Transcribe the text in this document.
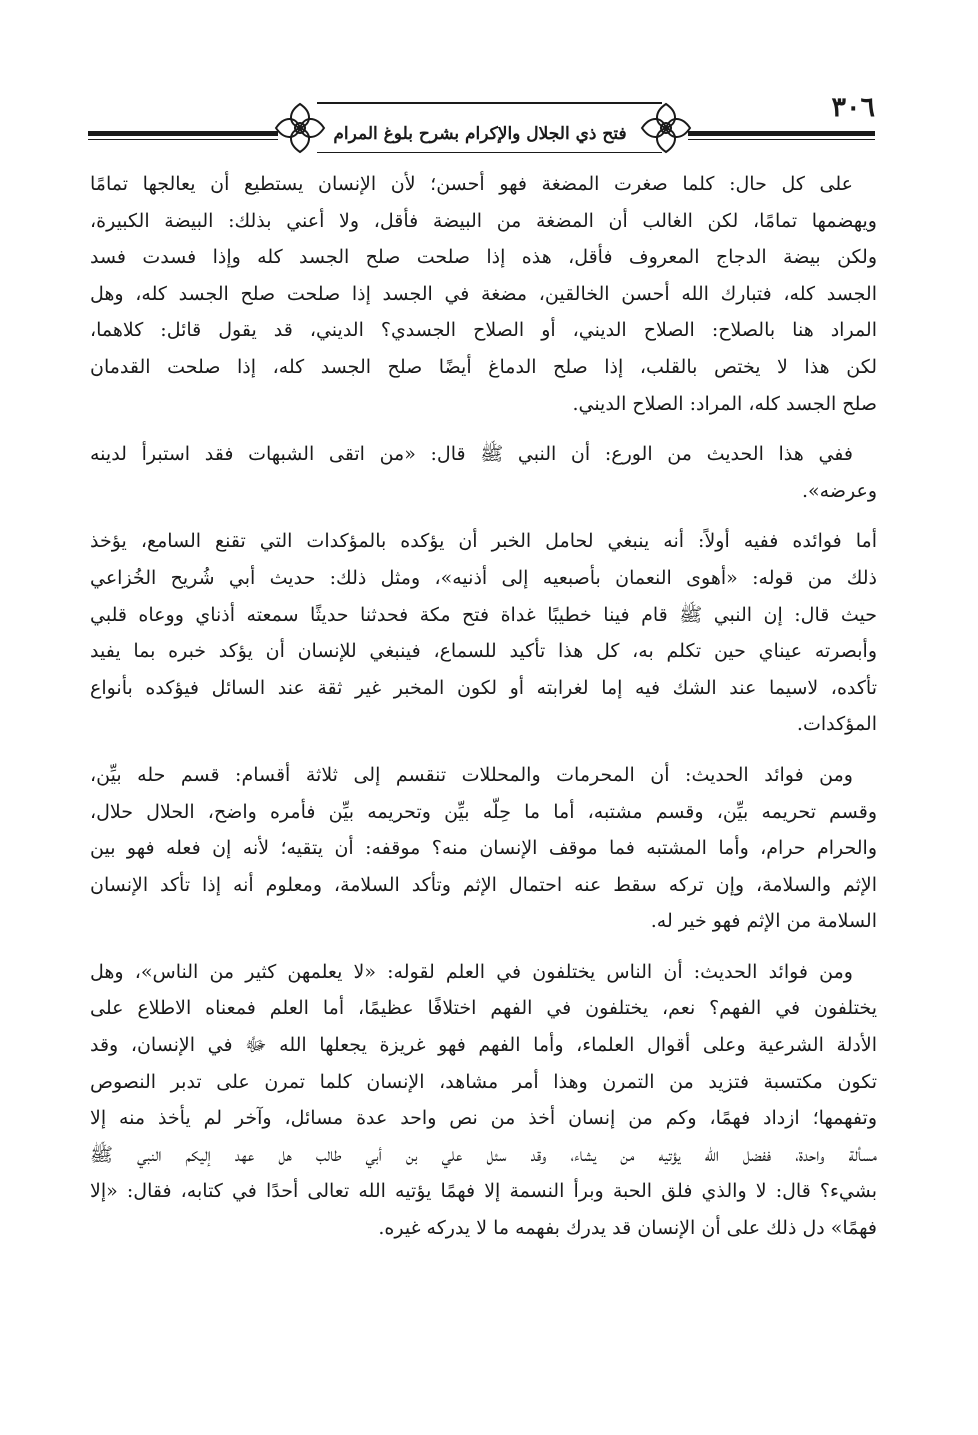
٣٠٦
فتح ذي الجلال والإكرام بشرح بلوغ المرام

على كل حال: كلما صغرت المضغة فهو أحسن؛ لأن الإنسان يستطيع أن يعالجها تمامًا
ويهضمها تمامًا، لكن الغالب أن المضغة من البيضة فأقل، ولا أعني بذلك: البيضة الكبيرة،
ولكن بيضة الدجاج المعروف فأقل، هذه إذا صلحت صلح الجسد كله وإذا فسدت فسد
الجسد كله، فتبارك الله أحسن الخالقين، مضغة في الجسد إذا صلحت صلح الجسد كله، وهل
المراد هنا بالصلاح: الصلاح الديني، أو الصلاح الجسدي؟ الديني، قد يقول قائل: كلاهما،
لكن هذا لا يختص بالقلب، إذا صلح الدماغ أيضًا صلح الجسد كله، إذا صلحت القدمان
صلح الجسد كله، المراد: الصلاح الديني.

ففي هذا الحديث من الورع: أن النبي ﷺ قال: «من اتقى الشبهات فقد استبرأ لدينه
وعرضه».

أما فوائده ففيه أولاً: أنه ينبغي لحامل الخبر أن يؤكده بالمؤكدات التي تقنع السامع، يؤخذ
ذلك من قوله: «أهوى النعمان بأصبعيه إلى أذنيه»، ومثل ذلك: حديث أبي شُريح الخُزاعي
حيث قال: إن النبي ﷺ قام فينا خطيبًا غداة فتح مكة فحدثنا حديثًا سمعته أذناي ووعاه قلبي
وأبصرته عيناي حين تكلم به، كل هذا تأكيد للسماع، فينبغي للإنسان أن يؤكد خبره بما يفيد
تأكده، لاسيما عند الشك فيه إما لغرابته أو لكون المخبر غير ثقة عند السائل فيؤكده بأنواع
المؤكدات.

ومن فوائد الحديث: أن المحرمات والمحللات تنقسم إلى ثلاثة أقسام: قسم حله بيِّن،
وقسم تحريمه بيِّن، وقسم مشتبه، أما ما حِلّه بيِّن وتحريمه بيِّن فأمره واضح، الحلال حلال،
والحرام حرام، وأما المشتبه فما موقف الإنسان منه؟ موقفه: أن يتقيه؛ لأنه إن فعله فهو بين
الإثم والسلامة، وإن تركه سقط عنه احتمال الإثم وتأكد السلامة، ومعلوم أنه إذا تأكد الإنسان
السلامة من الإثم فهو خير له.

ومن فوائد الحديث: أن الناس يختلفون في العلم لقوله: «لا يعلمهن كثير من الناس»، وهل
يختلفون في الفهم؟ نعم، يختلفون في الفهم اختلافًا عظيمًا، أما العلم فمعناه الاطلاع على
الأدلة الشرعية وعلى أقوال العلماء، وأما الفهم فهو غريزة يجعلها الله ﷻ في الإنسان، وقد
تكون مكتسبة فتزيد من التمرن وهذا أمر مشاهد، الإنسان كلما تمرن على تدبر النصوص
وتفهمها؛ ازداد فهمًا، وكم من إنسان أخذ من نص واحد عدة مسائل، وآخر لم يأخذ منه إلا
مسألة واحدة، ففضل الله يؤتيه من يشاء، وقد سئل علي بن أبي طالب هل عهد إليكم النبي ﷺ
بشيء؟ قال: لا والذي فلق الحبة وبرأ النسمة إلا فهمًا يؤتيه الله تعالى أحدًا في كتابه، فقال: «إلا
فهمًا» دل ذلك على أن الإنسان قد يدرك بفهمه ما لا يدركه غيره.
